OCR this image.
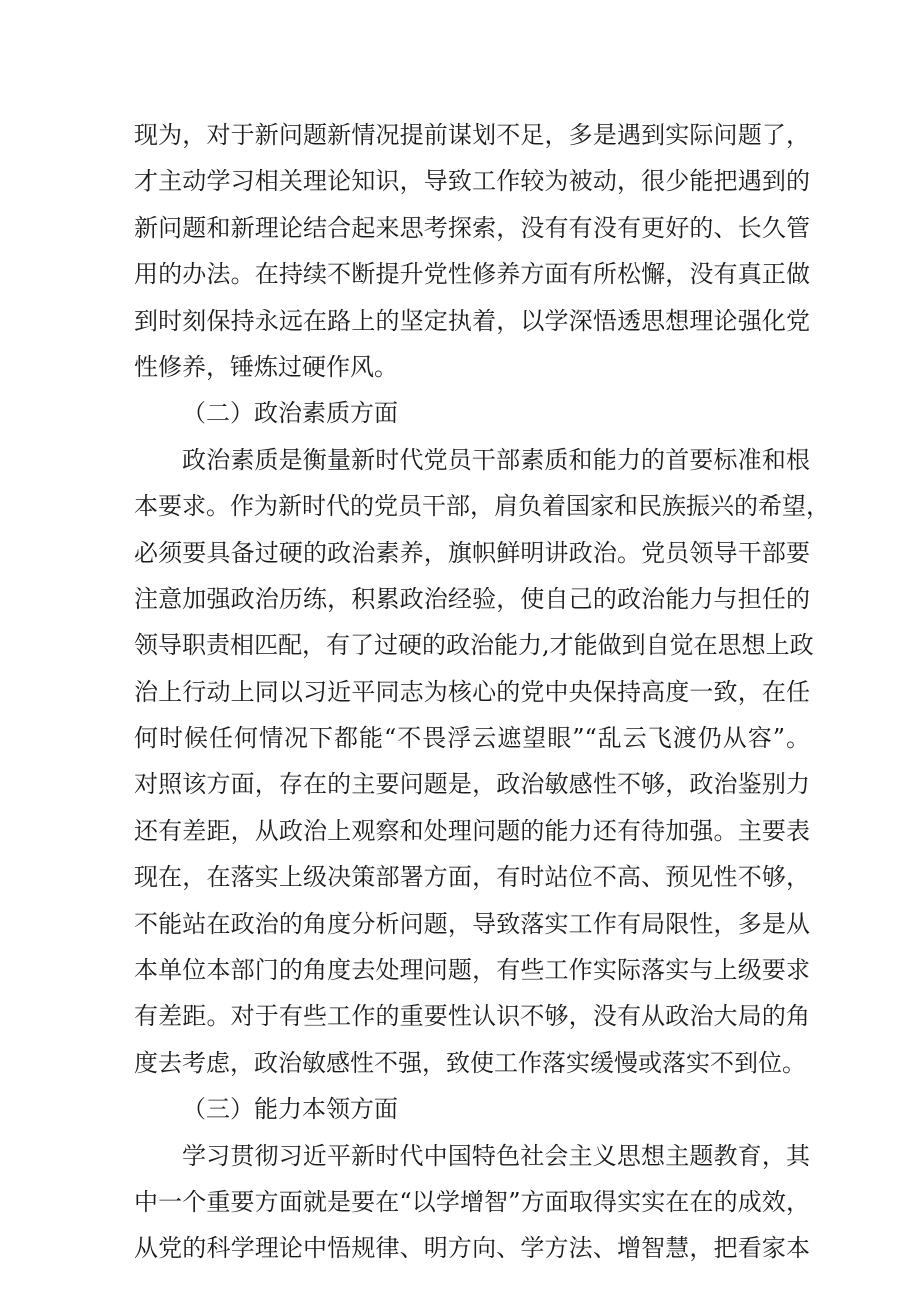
现为，对于新问题新情况提前谋划不足，多是遇到实际问题了，
才主动学习相关理论知识，导致工作较为被动，很少能把遇到的
新问题和新理论结合起来思考探索，没有有没有更好的、长久管
用的办法。在持续不断提升党性修养方面有所松懈，没有真正做
到时刻保持永远在路上的坚定执着，以学深悟透思想理论强化党
性修养，锤炼过硬作风。
（二）政治素质方面
政治素质是衡量新时代党员干部素质和能力的首要标准和根
本要求。作为新时代的党员干部，肩负着国家和民族振兴的希望，
必须要具备过硬的政治素养，旗帜鲜明讲政治。党员领导干部要
注意加强政治历练，积累政治经验，使自己的政治能力与担任的
领导职责相匹配，有了过硬的政治能力,才能做到自觉在思想上政
治上行动上同以习近平同志为核心的党中央保持高度一致，在任
何时候任何情况下都能“不畏浮云遮望眼”“乱云飞渡仍从容”。
对照该方面，存在的主要问题是，政治敏感性不够，政治鉴别力
还有差距，从政治上观察和处理问题的能力还有待加强。主要表
现在，在落实上级决策部署方面，有时站位不高、预见性不够，
不能站在政治的角度分析问题，导致落实工作有局限性，多是从
本单位本部门的角度去处理问题，有些工作实际落实与上级要求
有差距。对于有些工作的重要性认识不够，没有从政治大局的角
度去考虑，政治敏感性不强，致使工作落实缓慢或落实不到位。
（三）能力本领方面
学习贯彻习近平新时代中国特色社会主义思想主题教育，其
中一个重要方面就是要在“以学增智”方面取得实实在在的成效，
从党的科学理论中悟规律、明方向、学方法、增智慧，把看家本
